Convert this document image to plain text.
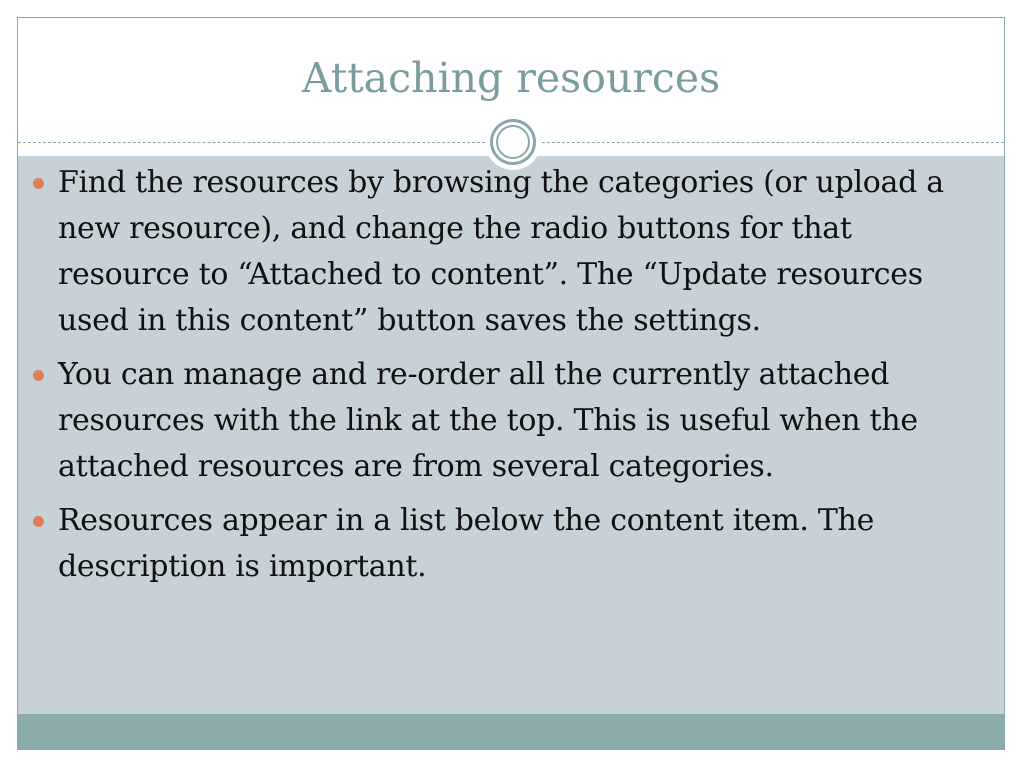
Attaching resources
Find the resources by browsing the categories (or upload a new resource), and change the radio buttons for that resource to “Attached to content”. The “Update resources used in this content” button saves the settings.
You can manage and re-order all the currently attached resources with the link at the top. This is useful when the attached resources are from several categories.
Resources appear in a list below the content item. The description is important.
